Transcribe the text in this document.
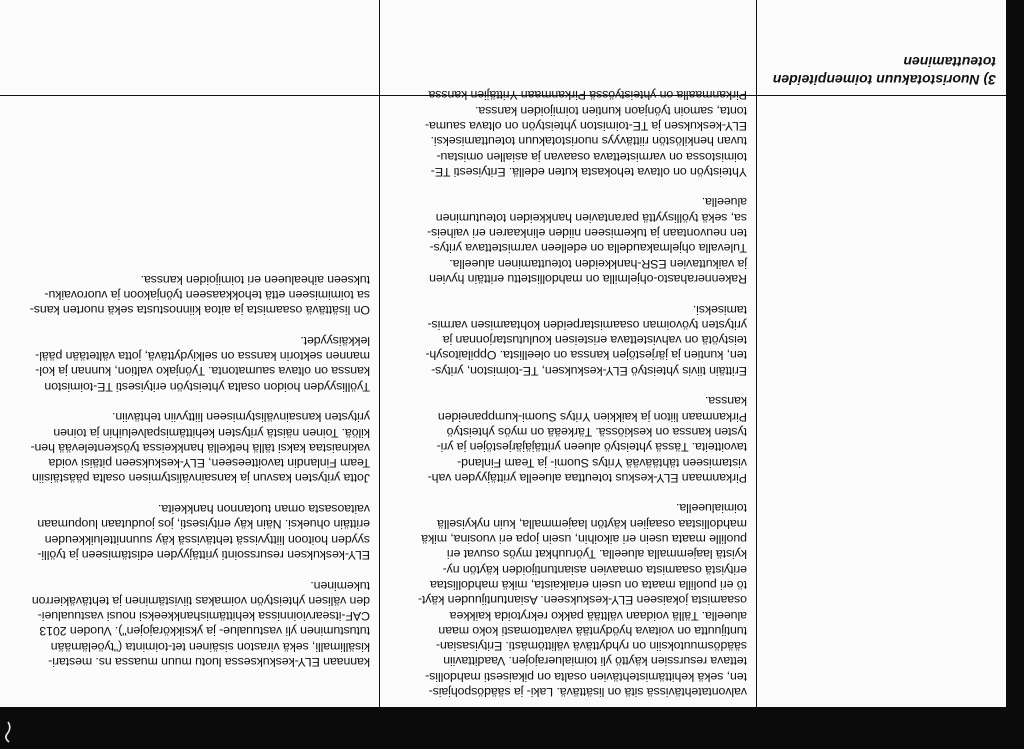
3) Nuoristotakuun toimenpiteiden
toteuttaminen
valvontatehtävissä sitä on lisättävä. Laki- ja säädöspohjais-
ten, sekä kehittämistehtävien osalta on pikaisesti mahdollis-
tettava resurssien käyttö yli toimialuerajojen. Vaadittaviin
säädösmuutoksiin on ryhdyttävä välittömästi. Erityisasian-
tuntijuutta on voitava hyödyntää vaivattomasti koko maan
alueella. Tällä voidaan välttää pakko rekrytoida kaikkea
osaamista jokaiseen ELY-keskukseen. Asiantuntijuuden käyt-
tö eri puolilla maata on usein eriaikaista, mikä mahdollistaa
erityistä osaamista omaavien asiantuntijoiden käytön ny-
kyistä laajemmalla alueella. Työruuhkat myös osuvat eri
puolille maata usein eri aikoihin, usein jopa eri vuosina, mikä
mahdollistaa osaajien käytön laajemmalla, kuin nykyisellä
toimialueella.
Pirkanmaan ELY-keskus toteuttaa alueella yrittäjyyden vah-
vistamiseen tähtäävää Yritys Suomi- ja Team Finland-
tavoitteita. Tässä yhteistyö alueen yrittäjäjärjestöjen ja yri-
tysten kanssa on keskiössä. Tärkeää on myös yhteistyö
Pirkanmaan liiton ja kaikkien Yritys Suomi-kumppaneiden
kanssa.
Erittäin tiivis yhteistyö ELY-keskuksen, TE-toimiston, yritys-
ten, kuntien ja järjestöjen kanssa on oleellista. Oppilaitosyh-
teistyötä on vahvistettava eristeisen koulutustarjonnan ja
yritysten työvoiman osaamistarpeiden kohtaamisen varmis-
tamiseksi.
Rakennerahasto-ohjelmilla on mahdollistettu erittäin hyvien
ja vaikuttavien ESR-hankkeiden toteuttaminen alueella.
Tulevalla ohjelmakaudella on edelleen varmistettava yritys-
ten neuvontaan ja tukemiseen niiden elinkaaren eri vaiheis-
sa, sekä työllisyyttä parantavien hankkeiden toteutuminen
alueella.
Yhteistyön on oltava tehokasta kuten edellä. Erityisesti TE-
toimistossa on varmistettava osaavan ja asiallen omistau-
tuvan henkilöstön riittävyys nuoristotakuun toteuttamiseksi.
ELY-keskuksen ja TE-toimiston yhteistyön on oltava sauma-
tonta, samoin työnjaon kuntien toimijoiden kanssa.
Pirkanmaalla on yhteistyössä Pirkanmaan Yrittäjien kanssa
kannaan ELY-keskuksessa luotu muun muassa ns. mestari-
kisällimalli, sekä viraston sisäinen tet-toiminta ("työelämään
tutustuminen yli vastuualue- ja yksikkörajojen"). Vuoden 2013
CAF-itsearvioinnissa kehittämishankkeeksi nousi vastuualuei-
den välisen yhteistyön voimakas tiivistäminen ja tehtäväkierron
tukeminen.
ELY-keskuksen resurssointi yrittäjyyden edistämiseen ja työlli-
syyden hoitoon liittyvissä tehtävissä käy suunnitteluikkeuden
erittäin ohueksi. Näin käy erityisesti, jos joudutaan luopumaan
vaitaosasta oman tuotannon hankkeita.
Jotta yritysten kasvun ja kansainvälistymisen osalta päästäisiin
Team Finlandin tavoitteeseen, ELY-keskukseen pitäisi voida
vakinaistaa kaksi tällä hetkellä hankkeissa työskentelevää hen-
kilöä. Toinen näistä yritysten kehittämispalveluihin ja toinen
yritysten kansainvälistymiseen liittyviin tehtäviin.
Työllisyyden hoidon osalta yhteistyön erityisesti TE-toimiston
kanssa on oltava saumatonta. Työnjako valtion, kunnan ja kol-
mannen sektorin kanssa on selkiydyttävä, jotta vältetään pääl-
lekkäisyydet.
On lisättävä osaamista ja aitoa kiinnostusta sekä nuorten kans-
sa toimimiseen että tehokkaaseen työnjakoon ja vuorovaiku-
tukseen aihealueen eri toimijoiden kanssa.
